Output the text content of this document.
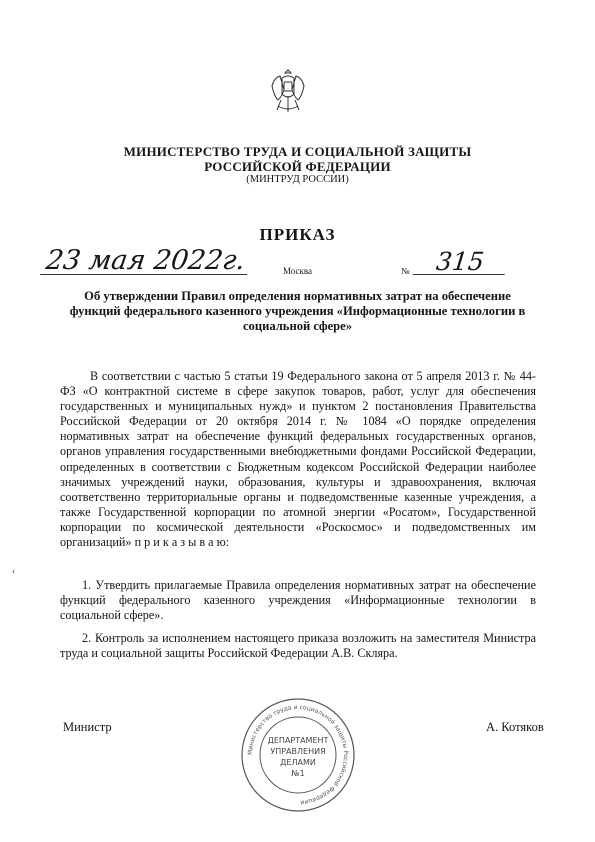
МИНИСТЕРСТВО ТРУДА И СОЦИАЛЬНОЙ ЗАЩИТЫ
РОССИЙСКОЙ ФЕДЕРАЦИИ
(МИНТРУД РОССИИ)
ПРИКАЗ
23 мая 2022г.	Москва	№	315
Об утверждении Правил определения нормативных затрат на обеспечение функций федерального казенного учреждения «Информационные технологии в социальной сфере»
‹
В соответствии с частью 5 статьи 19 Федерального закона от 5 апреля 2013 г. № 44-ФЗ «О контрактной системе в сфере закупок товаров, работ, услуг для обеспечения государственных и муниципальных нужд» и пунктом 2 постановления Правительства Российской Федерации от 20 октября 2014 г. № 1084 «О порядке определения нормативных затрат на обеспечение функций федеральных государственных органов, органов управления государственными внебюджетными фондами Российской Федерации, определенных в соответствии с Бюджетным кодексом Российской Федерации наиболее значимых учреждений науки, образования, культуры и здравоохранения, включая соответственно территориальные органы и подведомственные казенные учреждения, а также Государственной корпорации по атомной энергии «Росатом», Государственной корпорации по космической деятельности «Роскосмос» и подведомственных им организаций» п р и к а з ы в а ю:
1. Утвердить прилагаемые Правила определения нормативных затрат на обеспечение функций федерального казенного учреждения «Информационные технологии в социальной сфере».
2. Контроль за исполнением настоящего приказа возложить на заместителя Министра труда и социальной защиты Российской Федерации А.В. Скляра.
Министр	А. Котяков
Министерство труда и социальной защиты Российской Федерации
ДЕПАРТАМЕНТ
УПРАВЛЕНИЯ
ДЕЛАМИ
№1
